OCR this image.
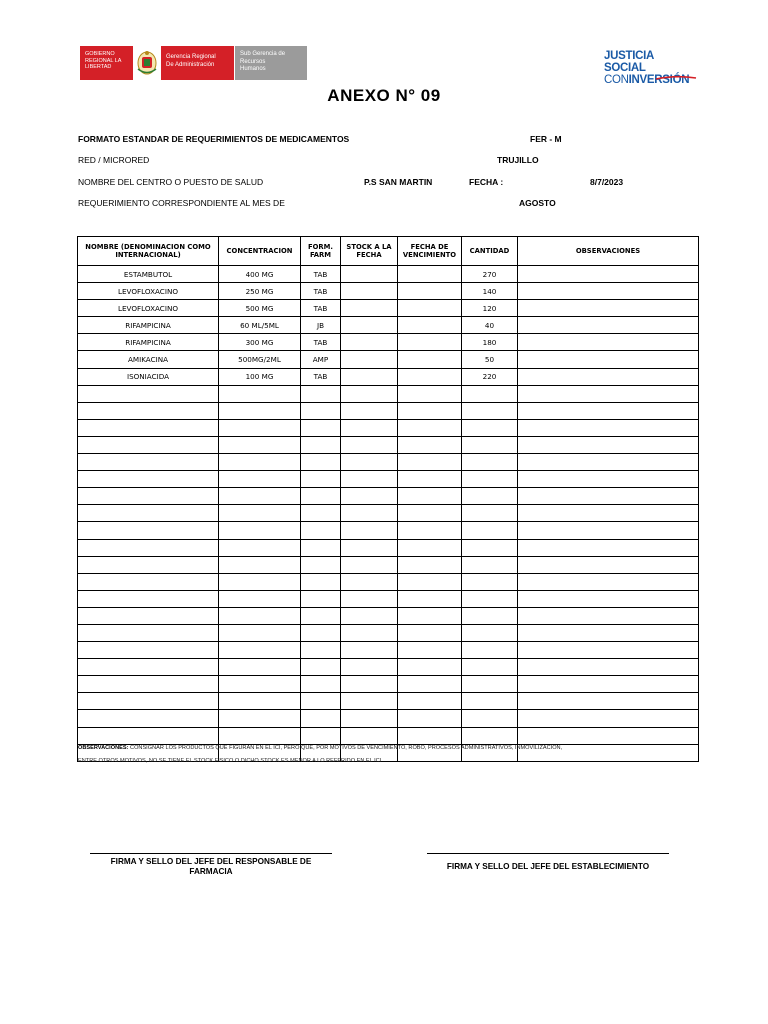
GOBIERNO
REGIONAL LA
LIBERTAD
Gerencia Regional
De Administración
Sub Gerencia de
Recursos
Humanos
JUSTICIA SOCIAL
CONINVERSIÓN
ANEXO N° 09
FORMATO ESTANDAR DE REQUERIMIENTOS DE MEDICAMENTOS	FER - M
RED / MICRORED	TRUJILLO
NOMBRE DEL CENTRO O PUESTO DE SALUD	P.S SAN MARTIN	FECHA :	8/7/2023
REQUERIMIENTO CORRESPONDIENTE AL MES DE	AGOSTO
NOMBRE (DENOMINACION COMO INTERNACIONAL)	CONCENTRACION	FORM. FARM	STOCK A LA FECHA	FECHA DE VENCIMIENTO	CANTIDAD	OBSERVACIONES
ESTAMBUTOL	400 MG	TAB			270	
LEVOFLOXACINO	250 MG	TAB			140	
LEVOFLOXACINO	500 MG	TAB			120	
RIFAMPICINA	60 ML/5ML	JB			40	
RIFAMPICINA	300 MG	TAB			180	
AMIKACINA	500MG/2ML	AMP			50	
ISONIACIDA	100 MG	TAB			220	

OBSERVACIONES: CONSIGNAR LOS PRODUCTOS QUE FIGURAN EN EL ICI, PERO QUE, POR MOTIVOS DE VENCIMIENTO, ROBO, PROCESOS ADMINISTRATIVOS, INMOVILIZACION,
ENTRE OTROS MOTIVOS, NO SE TIENE EL STOCK FISICO O DICHO STOCK ES MENOR A LO REFERIDO EN EL ICI
FIRMA Y SELLO DEL JEFE DEL RESPONSABLE DE FARMACIA
FIRMA Y SELLO DEL JEFE DEL ESTABLECIMIENTO
